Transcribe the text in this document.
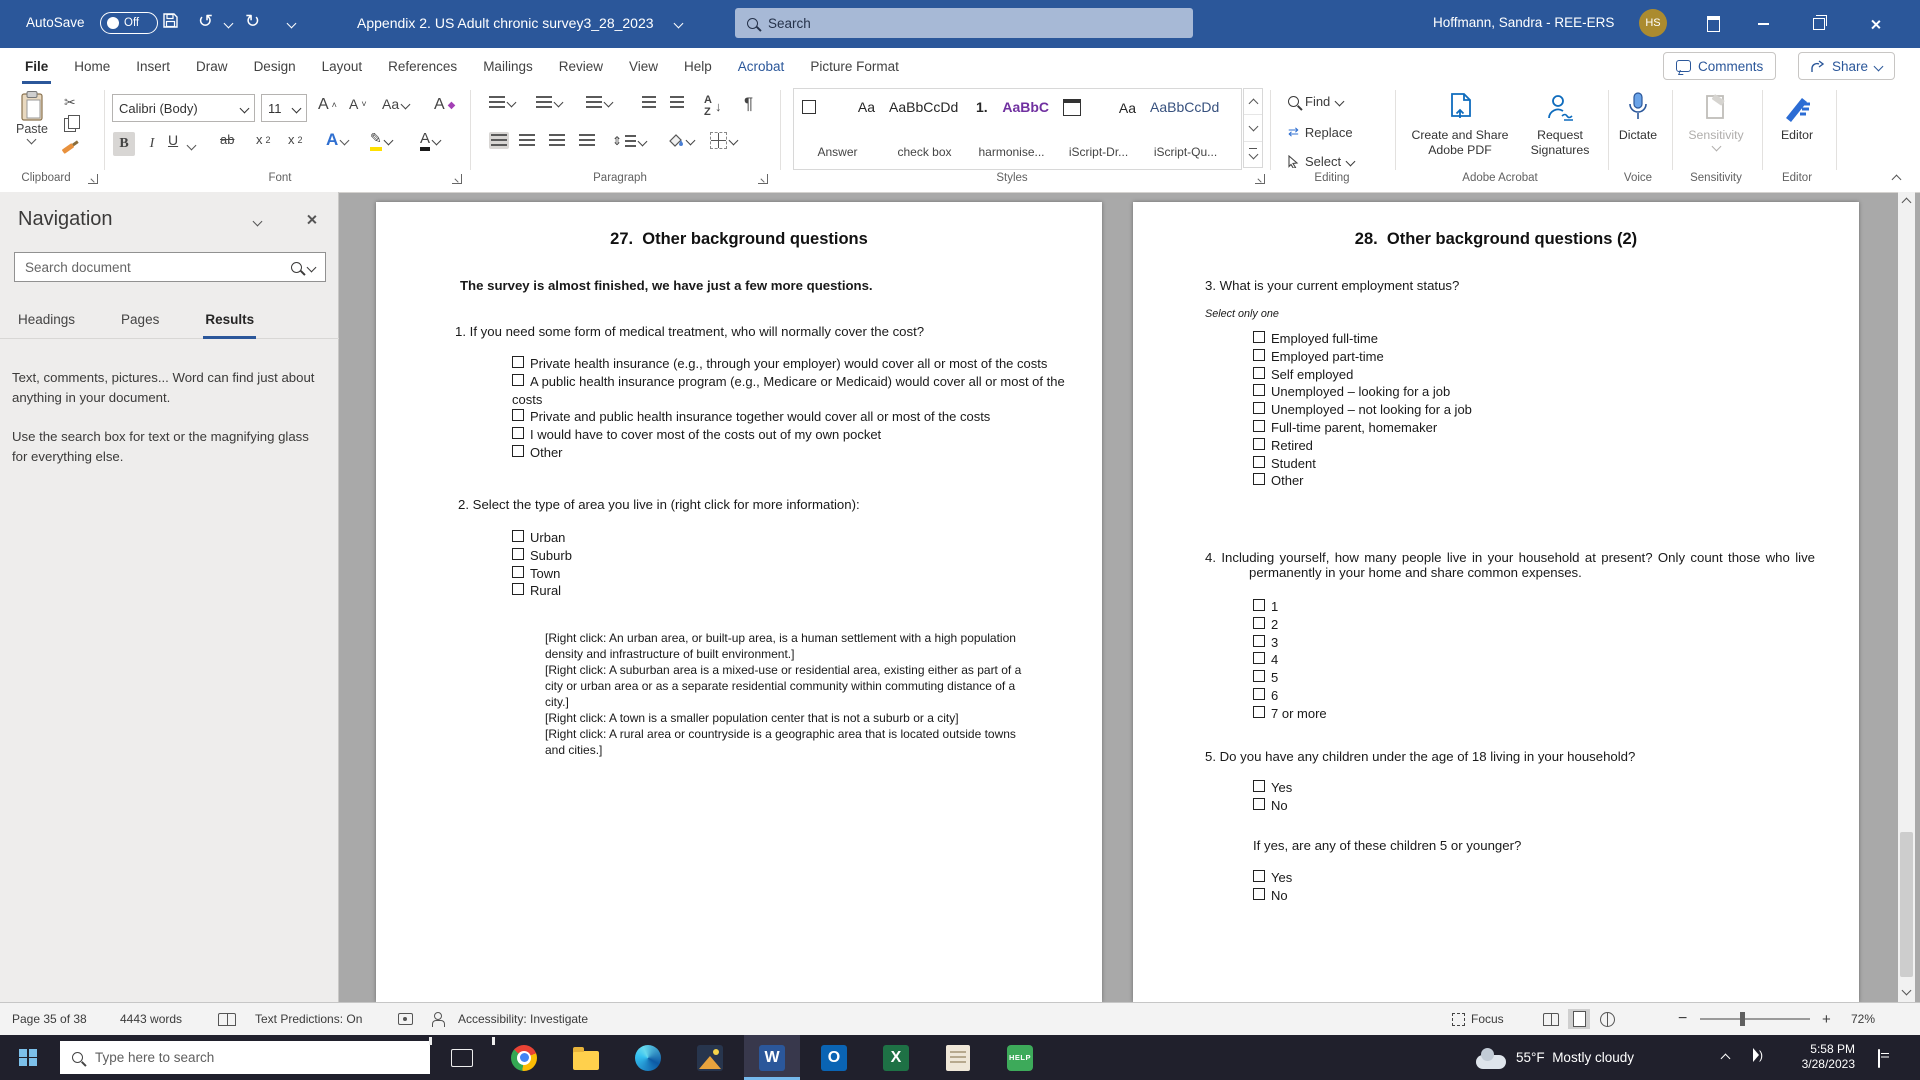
AutoSave	Off	↺ ↻	Appendix 2. US Adult chronic survey3_28_2023	Search	Hoffmann, Sandra - REE-ERS	HS
File Home Insert Draw Design Layout References Mailings Review View Help Acrobat Picture Format	Comments	Share
Paste
✂	Calibri (Body)	11 A ˄ A ˅ Aa	A ◆
B	I U	ab x 2 x 2 A	✎	A
A
Z ↓ ¶
⇕
Aa
Answer
AaBbCcDd
check box
1.
AaBbC
harmonise...
Aa
iScript-Dr...
AaBbCcDd
iScript-Qu...
Find
⇄ Replace
Select
Create and Share
Adobe PDF
Request
Signatures
Dictate	Sensitivity	Editor
Clipboard	Font	Paragraph	Styles	Editing	Adobe Acrobat	Voice	Sensitivity	Editor
Navigation
Search document
Headings	Pages	Results

Text, comments, pictures... Word can find just about anything in your document.

Use the search box for text or the magnifying glass for everything else.

27.  Other background questions
The survey is almost finished, we have just a few more questions.
1. If you need some form of medical treatment, who will normally cover the cost?
Private health insurance (e.g., through your employer) would cover all or most of the costs
A public health insurance program (e.g., Medicare or Medicaid) would cover all or most of the costs
Private and public health insurance together would cover all or most of the costs
I would have to cover most of the costs out of my own pocket
Other
2. Select the type of area you live in (right click for more information):
Urban
Suburb
Town
Rural
[Right click: An urban area, or built-up area, is a human settlement with a high population density and infrastructure of built environment.]
[Right click: A suburban area is a mixed-use or residential area, existing either as part of a city or urban area or as a separate residential community within commuting distance of a city.]
[Right click: A town is a smaller population center that is not a suburb or a city]
[Right click: A rural area or countryside is a geographic area that is located outside towns and cities.]
28.  Other background questions (2)
3. What is your current employment status?
Select only one
Employed full-time
Employed part-time
Self employed
Unemployed – looking for a job
Unemployed – not looking for a job
Full-time parent, homemaker
Retired
Student
Other
4. Including yourself, how many people live in your household at present? Only count those who live permanently in your home and share common expenses.
1
2
3
4
5
6
7 or more
5. Do you have any children under the age of 18 living in your household?
Yes
No
If yes, are any of these children 5 or younger?
Yes
No
Page 35 of 38	4443 words	Text Predictions: On	Accessibility: Investigate	Focus	−	+ 72%
Type here to search	W	O	X	HELP	55°F Mostly cloudy
5:58 PM
3/28/2023
